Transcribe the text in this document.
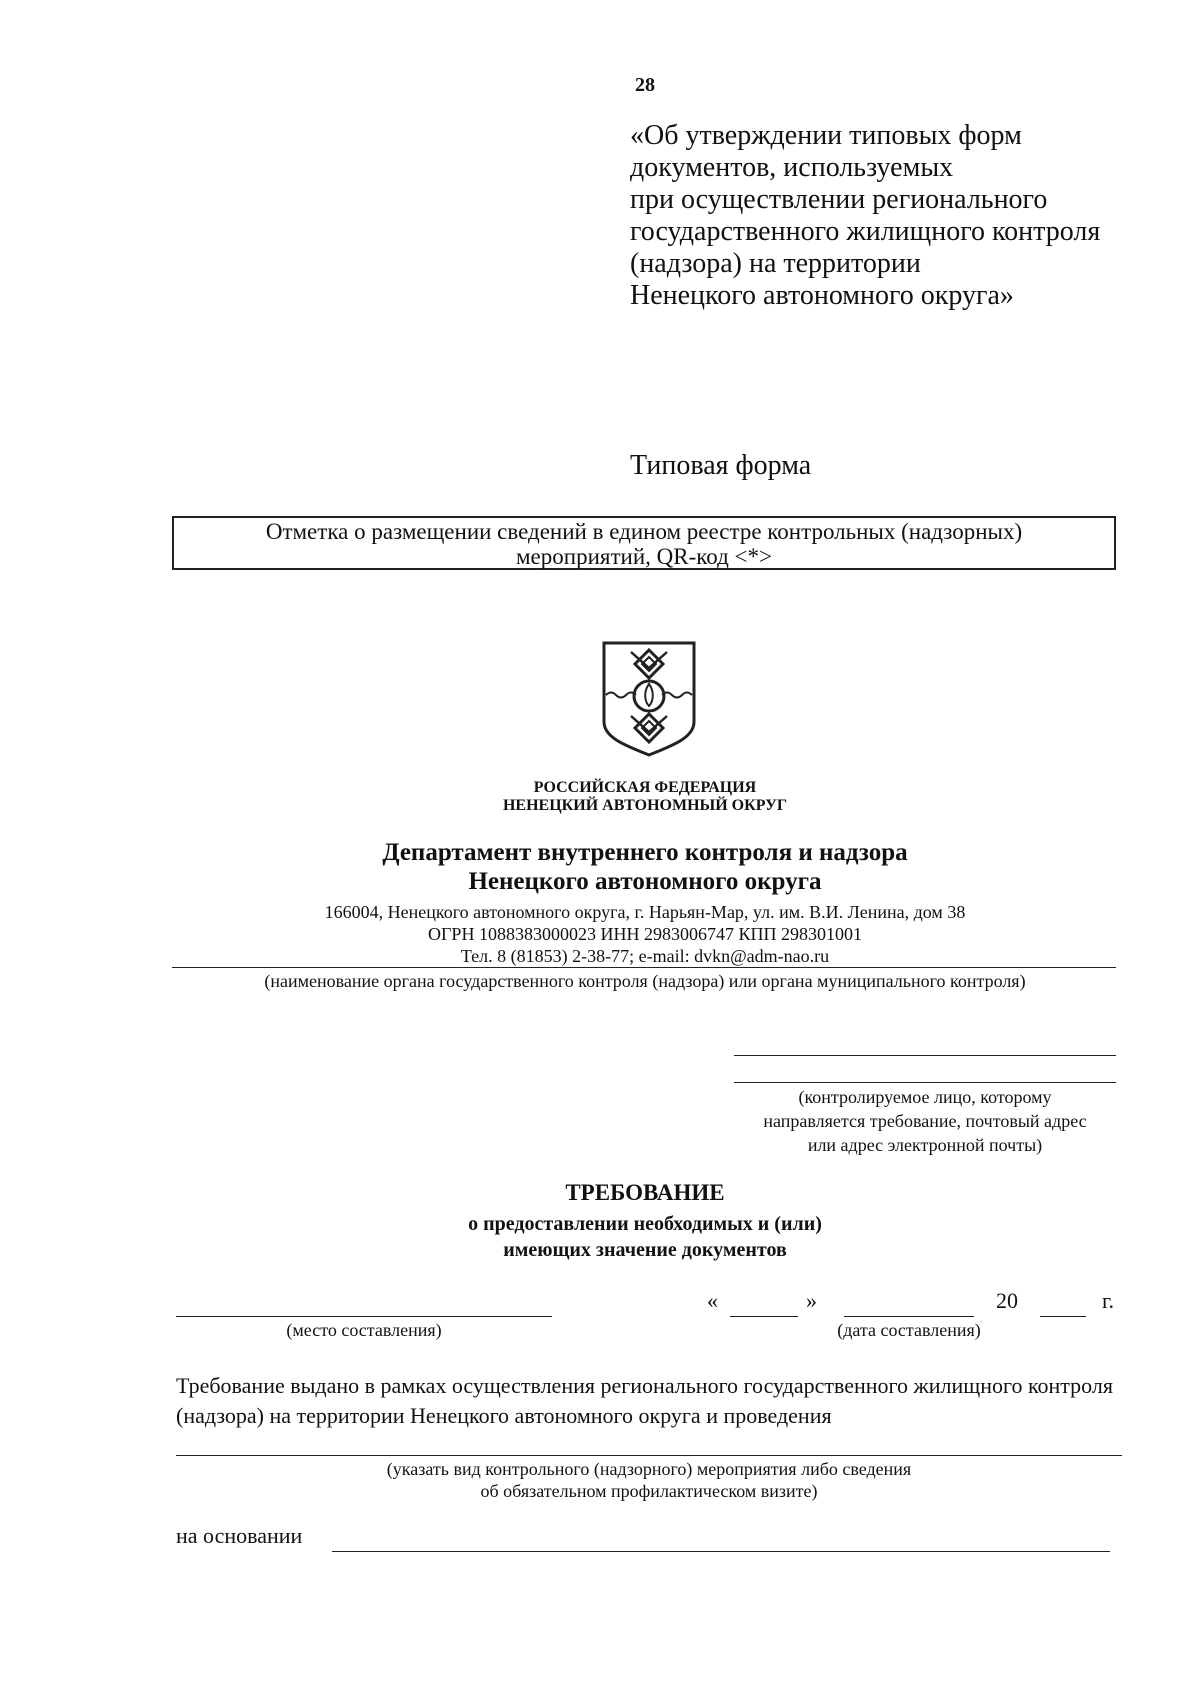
28
«Об утверждении типовых форм
документов, используемых
при осуществлении регионального
государственного жилищного контроля
(надзора) на территории
Ненецкого автономного округа»
Типовая форма
Отметка о размещении сведений в едином реестре контрольных (надзорных)
мероприятий, QR-код <*>
РОССИЙСКАЯ ФЕДЕРАЦИЯ
НЕНЕЦКИЙ АВТОНОМНЫЙ ОКРУГ
Департамент внутреннего контроля и надзора
Ненецкого автономного округа
166004, Ненецкого автономного округа, г. Нарьян-Мар, ул. им. В.И. Ленина, дом 38
ОГРН 1088383000023 ИНН 2983006747 КПП 298301001
Тел. 8 (81853) 2-38-77; e-mail: dvkn@adm-nao.ru
(наименование органа государственного контроля (надзора) или органа муниципального контроля)
(контролируемое лицо, которому
направляется требование, почтовый адрес
или адрес электронной почты)
ТРЕБОВАНИЕ
о предоставлении необходимых и (или)
имеющих значение документов
«	»	20	г.
(место составления)	(дата составления)
Требование выдано в рамках осуществления регионального государственного жилищного контроля (надзора) на территории Ненецкого автономного округа и проведения
(указать вид контрольного (надзорного) мероприятия либо сведения
об обязательном профилактическом визите)
на основании
